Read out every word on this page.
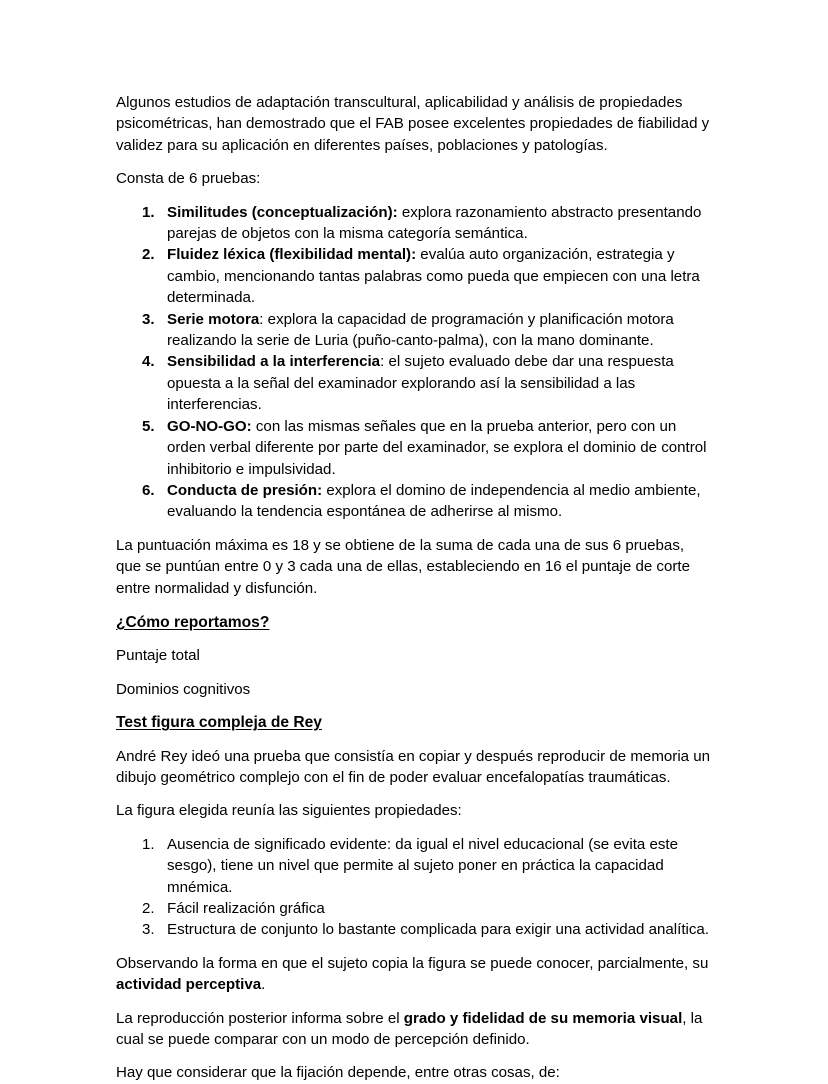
Algunos estudios de adaptación transcultural, aplicabilidad y análisis de propiedades psicométricas, han demostrado que el FAB posee excelentes propiedades de fiabilidad y validez para su aplicación en diferentes países, poblaciones y patologías.

Consta de 6 pruebas:

Similitudes (conceptualización): explora razonamiento abstracto presentando parejas de objetos con la misma categoría semántica.
Fluidez léxica (flexibilidad mental): evalúa auto organización, estrategia y cambio, mencionando tantas palabras como pueda que empiecen con una letra determinada.
Serie motora: explora la capacidad de programación y planificación motora realizando la serie de Luria (puño-canto-palma), con la mano dominante.
Sensibilidad a la interferencia: el sujeto evaluado debe dar una respuesta opuesta a la señal del examinador explorando así la sensibilidad a las interferencias.
GO-NO-GO: con las mismas señales que en la prueba anterior, pero con un orden verbal diferente por parte del examinador, se explora el dominio de control inhibitorio e impulsividad.
Conducta de presión: explora el domino de independencia al medio ambiente, evaluando la tendencia espontánea de adherirse al mismo.

La puntuación máxima es 18 y se obtiene de la suma de cada una de sus 6 pruebas, que se puntúan entre 0 y 3 cada una de ellas, estableciendo en 16 el puntaje de corte entre normalidad y disfunción.

¿Cómo reportamos?

Puntaje total

Dominios cognitivos

Test figura compleja de Rey

André Rey ideó una prueba que consistía en copiar y después reproducir de memoria un dibujo geométrico complejo con el fin de poder evaluar encefalopatías traumáticas.

La figura elegida reunía las siguientes propiedades:

Ausencia de significado evidente: da igual el nivel educacional (se evita este sesgo), tiene un nivel que permite al sujeto poner en práctica la capacidad mnémica.
Fácil realización gráfica
Estructura de conjunto lo bastante complicada para exigir una actividad analítica.

Observando la forma en que el sujeto copia la figura se puede conocer, parcialmente, su actividad perceptiva.

La reproducción posterior informa sobre el grado y fidelidad de su memoria visual, la cual se puede comparar con un modo de percepción definido.

Hay que considerar que la fijación depende, entre otras cosas, de:
